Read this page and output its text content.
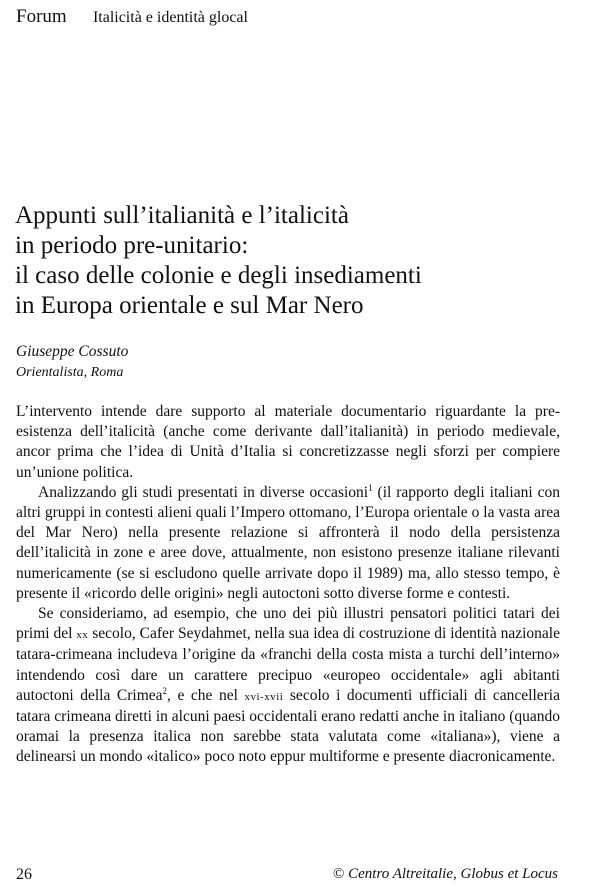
Forum Italicità e identità glocal
Appunti sull’italianità e l’italicità
in periodo pre-unitario:
il caso delle colonie e degli insediamenti
in Europa orientale e sul Mar Nero
Giuseppe Cossuto
Orientalista, Roma

L’intervento intende dare supporto al materiale documentario riguardante la pre-esistenza dell’italicità (anche come derivante dall’italianità) in periodo medievale, ancor prima che l’idea di Unità d’Italia si concretizzasse negli sforzi per compiere un’unione politica.

Analizzando gli studi presentati in diverse occasioni$^1$ (il rapporto degli italiani con altri gruppi in contesti alieni quali l’Impero ottomano, l’Europa orientale o la vasta area del Mar Nero) nella presente relazione si affronterà il nodo della persistenza dell’italicità in zone e aree dove, attualmente, non esistono presenze italiane rilevanti numericamente (se si escludono quelle arrivate dopo il 1989) ma, allo stesso tempo, è presente il «ricordo delle origini» negli autoctoni sotto diverse forme e contesti.

Se consideriamo, ad esempio, che uno dei più illustri pensatori politici tatari dei primi del xx secolo, Cafer Seydahmet, nella sua idea di costruzione di identità nazionale tatara-crimeana includeva l’origine da «franchi della costa mista a turchi dell’interno» intendendo così dare un carattere precipuo «europeo occidentale» agli abitanti autoctoni della Crimea$^2$, e che nel xvi-xvii secolo i documenti ufficiali di cancelleria tatara crimeana diretti in alcuni paesi occidentali erano redatti anche in italiano (quando oramai la presenza italica non sarebbe stata valutata come «italiana»), viene a delinearsi un mondo «italico» poco noto eppur multiforme e presente diacronicamente.

26	© Centro Altreitalie, Globus et Locus
